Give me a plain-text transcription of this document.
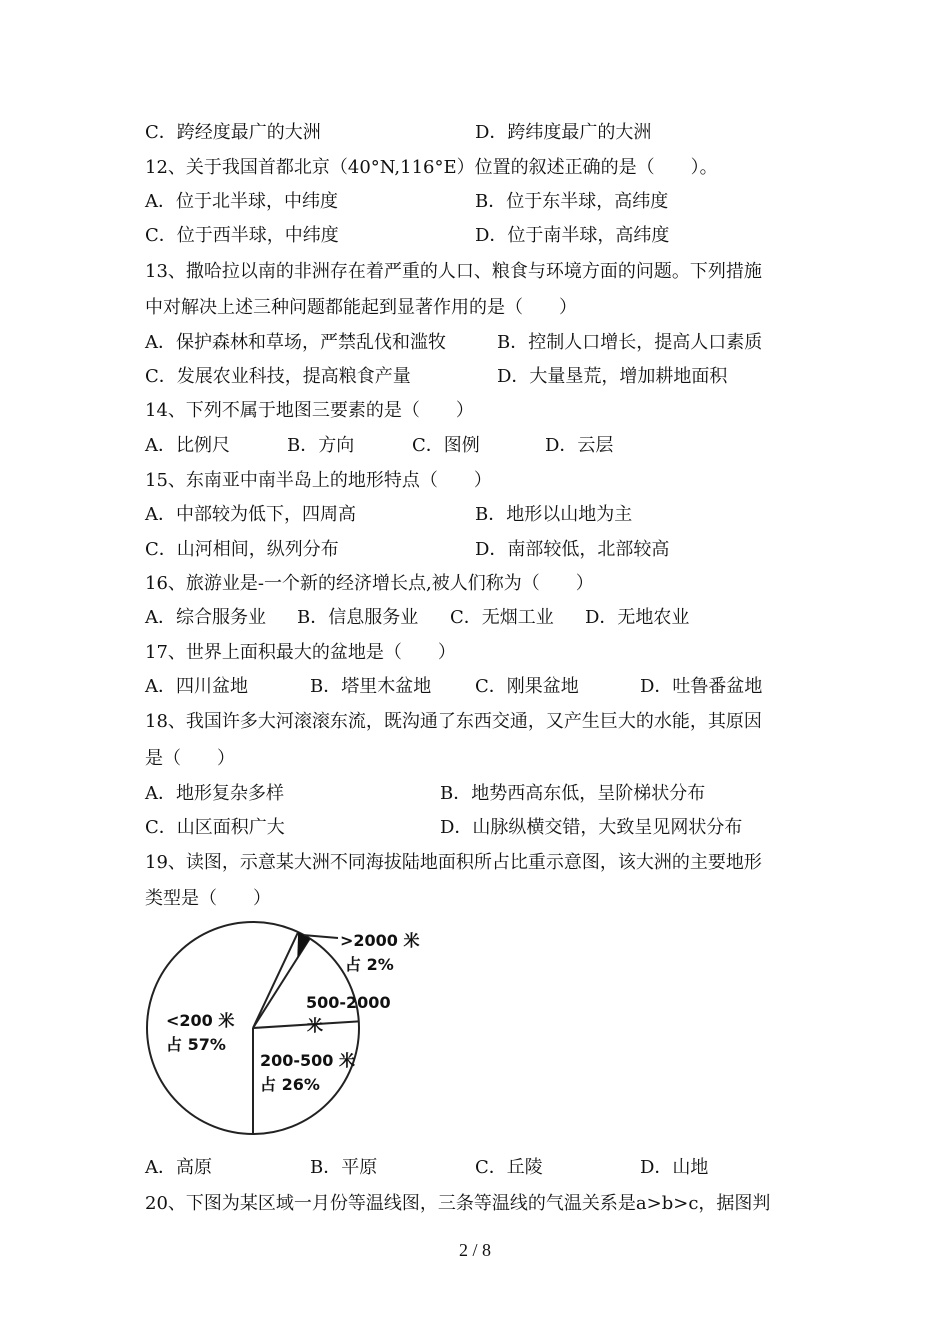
C．跨经度最广的大洲	D．跨纬度最广的大洲
12、关于我国首都北京（40°N,116°E）位置的叙述正确的是（　　）。
A．位于北半球，中纬度	B．位于东半球，高纬度
C．位于西半球，中纬度	D．位于南半球，高纬度
13、撒哈拉以南的非洲存在着严重的人口、粮食与环境方面的问题。下列措施
中对解决上述三种问题都能起到显著作用的是（　　）
A．保护森林和草场，严禁乱伐和滥牧	B．控制人口增长，提高人口素质
C．发展农业科技，提高粮食产量	D．大量垦荒，增加耕地面积
14、下列不属于地图三要素的是（　　）
A．比例尺	B．方向	C．图例	D．云层
15、东南亚中南半岛上的地形特点（　　）
A．中部较为低下，四周高	B．地形以山地为主
C．山河相间，纵列分布	D．南部较低，北部较高
16、旅游业是-一个新的经济增长点,被人们称为（　　）
A．综合服务业 B．信息服务业 C．无烟工业 D．无地农业
17、世界上面积最大的盆地是（　　）
A．四川盆地	B．塔里木盆地 C．刚果盆地	D．吐鲁番盆地
18、我国许多大河滚滚东流，既沟通了东西交通，又产生巨大的水能，其原因
是（　　）
A．地形复杂多样	B．地势西高东低，呈阶梯状分布
C．山区面积广大	D．山脉纵横交错，大致呈见网状分布
19、读图，示意某大洲不同海拔陆地面积所占比重示意图，该大洲的主要地形
类型是（　　）
>2000 米
占 2%
500-2000
米
200-500 米
占 26%
<200 米
占 57%
A．高原	B．平原	C．丘陵	D．山地
20、下图为某区域一月份等温线图，三条等温线的气温关系是a>b>c，据图判
2 / 8
